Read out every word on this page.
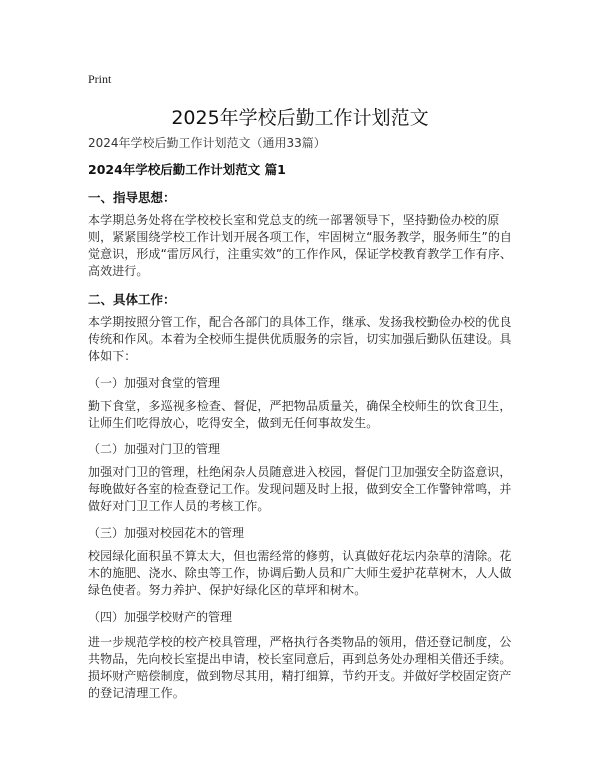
Print
2025年学校后勤工作计划范文
2024年学校后勤工作计划范文（通用33篇）
2024年学校后勤工作计划范文 篇1
一、指导思想：
本学期总务处将在学校校长室和党总支的统一部署领导下，坚持勤俭办校的原则，紧紧围绕学校工作计划开展各项工作，牢固树立“服务教学，服务师生”的自觉意识，形成“雷厉风行，注重实效”的工作作风，保证学校教育教学工作有序、高效进行。
二、具体工作：
本学期按照分管工作，配合各部门的具体工作，继承、发扬我校勤俭办校的优良传统和作风。本着为全校师生提供优质服务的宗旨，切实加强后勤队伍建设。具体如下：
（一）加强对食堂的管理
勤下食堂，多巡视多检查、督促，严把物品质量关，确保全校师生的饮食卫生，让师生们吃得放心，吃得安全，做到无任何事故发生。
（二）加强对门卫的管理
加强对门卫的管理，杜绝闲杂人员随意进入校园，督促门卫加强安全防盗意识，每晚做好各室的检查登记工作。发现问题及时上报，做到安全工作警钟常鸣，并做好对门卫工作人员的考核工作。
（三）加强对校园花木的管理
校园绿化面积虽不算太大，但也需经常的修剪，认真做好花坛内杂草的清除。花木的施肥、浇水、除虫等工作，协调后勤人员和广大师生爱护花草树木，人人做绿色使者。努力养护、保护好绿化区的草坪和树木。
（四）加强学校财产的管理
进一步规范学校的校产校具管理，严格执行各类物品的领用，借还登记制度，公共物品，先向校长室提出申请，校长室同意后，再到总务处办理相关借还手续。损坏财产赔偿制度，做到物尽其用，精打细算，节约开支。并做好学校固定资产的登记清理工作。
